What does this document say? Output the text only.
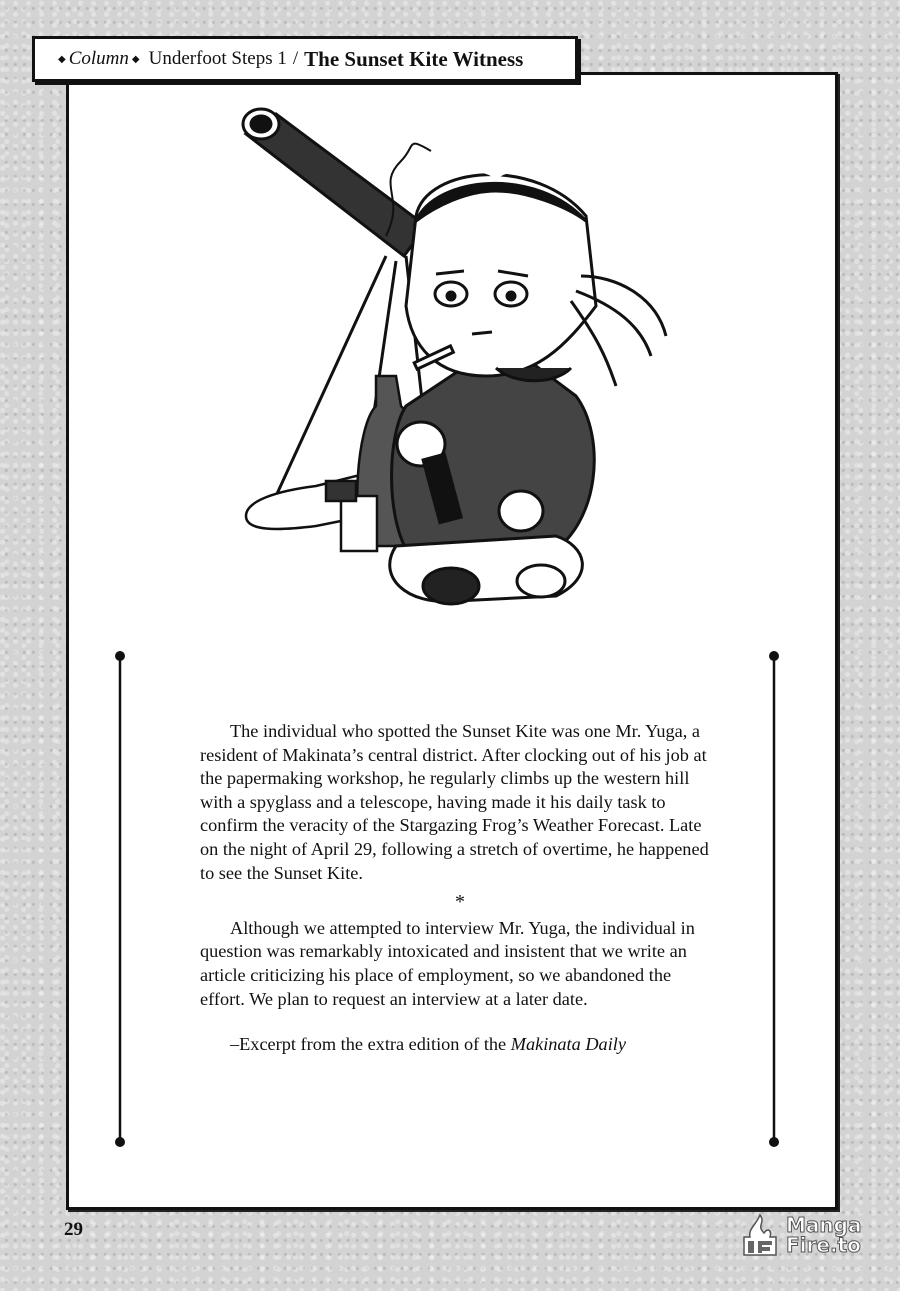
◆ Column ◆ Underfoot Steps 1 / The Sunset Kite Witness

The individual who spotted the Sunset Kite was one Mr. Yuga, a resident of Makinata’s central district. After clocking out of his job at the papermaking workshop, he regularly climbs up the western hill with a spyglass and a telescope, having made it his daily task to confirm the veracity of the Stargazing Frog’s Weather Forecast. Late on the night of April 29, following a stretch of overtime, he happened to see the Sunset Kite.

*

Although we attempted to interview Mr. Yuga, the individual in question was remarkably intoxicated and insistent that we write an article criticizing his place of employment, so we abandoned the effort. We plan to request an interview at a later date.

–Excerpt from the extra edition of the Makinata Daily

29	Manga
Fire.to
